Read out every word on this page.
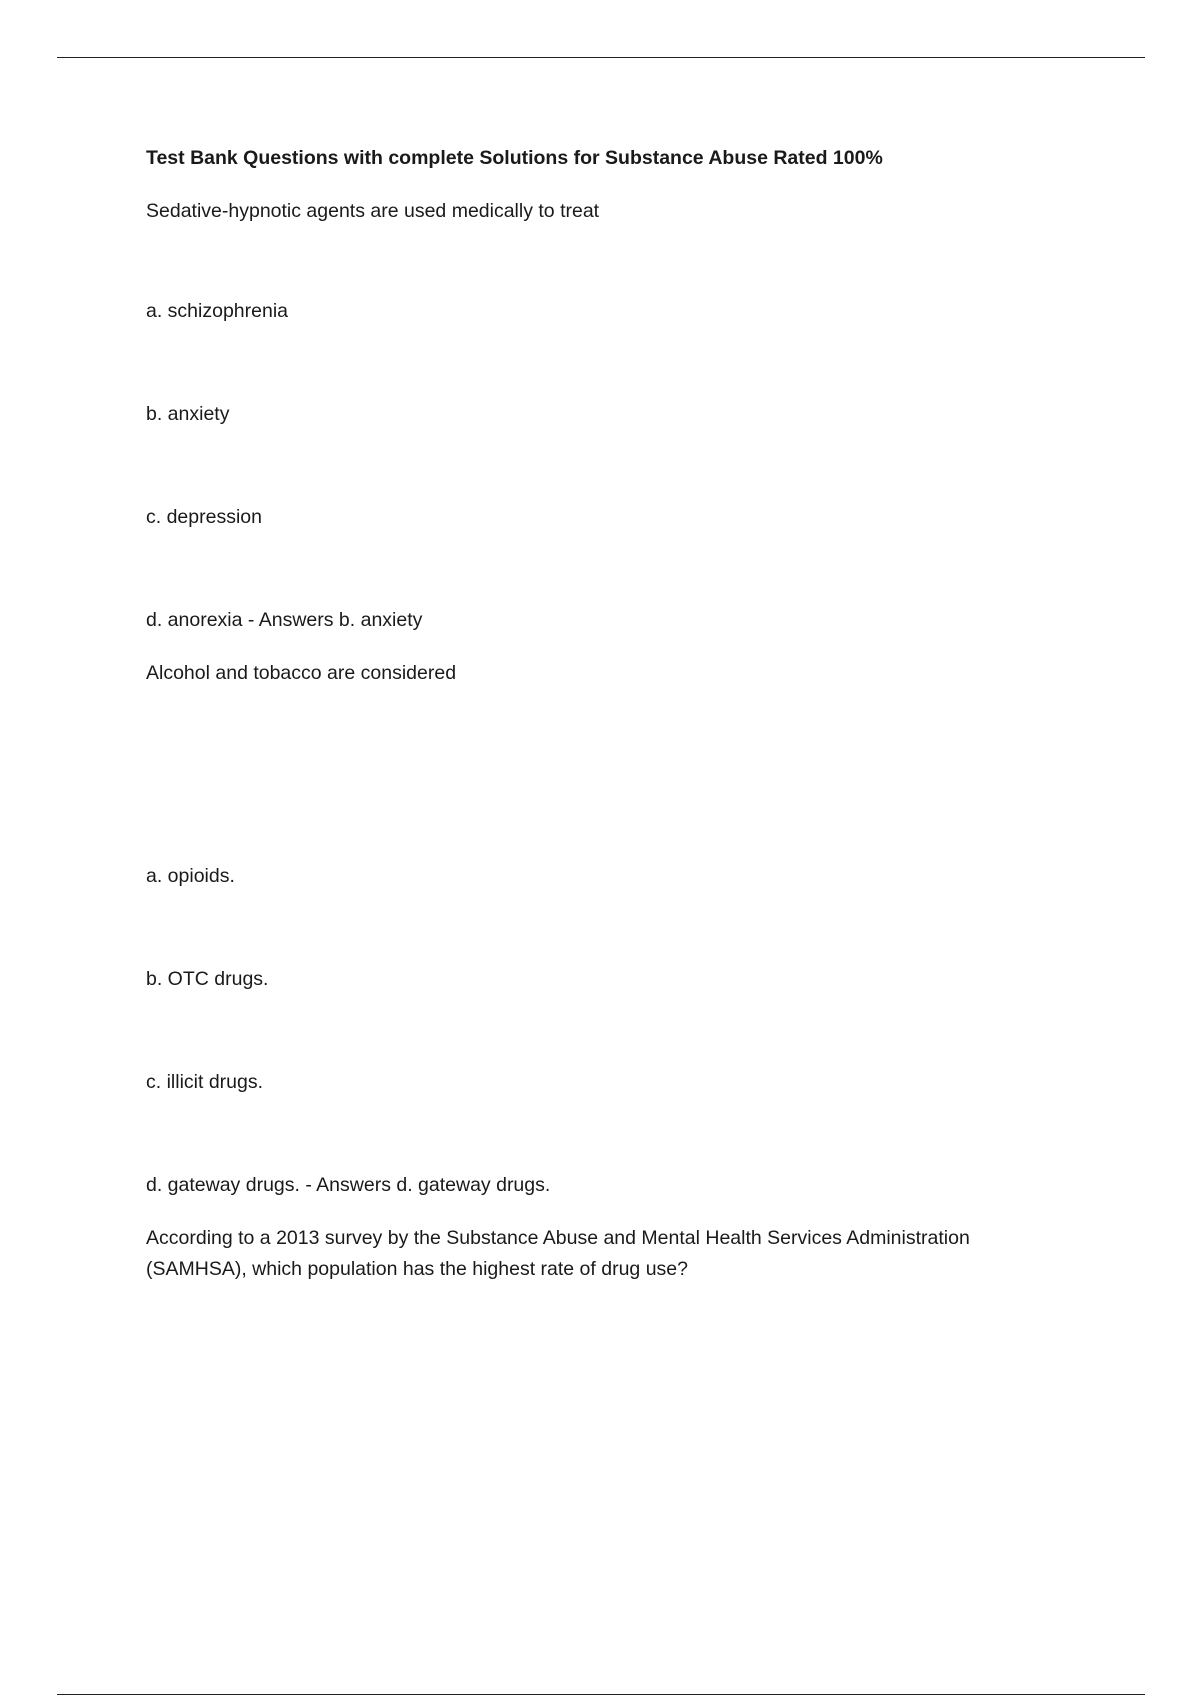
Test Bank Questions with complete Solutions for Substance Abuse Rated 100%

Sedative-hypnotic agents are used medically to treat

a. schizophrenia

b. anxiety

c. depression

d. anorexia - Answers b. anxiety

Alcohol and tobacco are considered

a. opioids.

b. OTC drugs.

c. illicit drugs.

d. gateway drugs. - Answers d. gateway drugs.

According to a 2013 survey by the Substance Abuse and Mental Health Services Administration (SAMHSA), which population has the highest rate of drug use?
